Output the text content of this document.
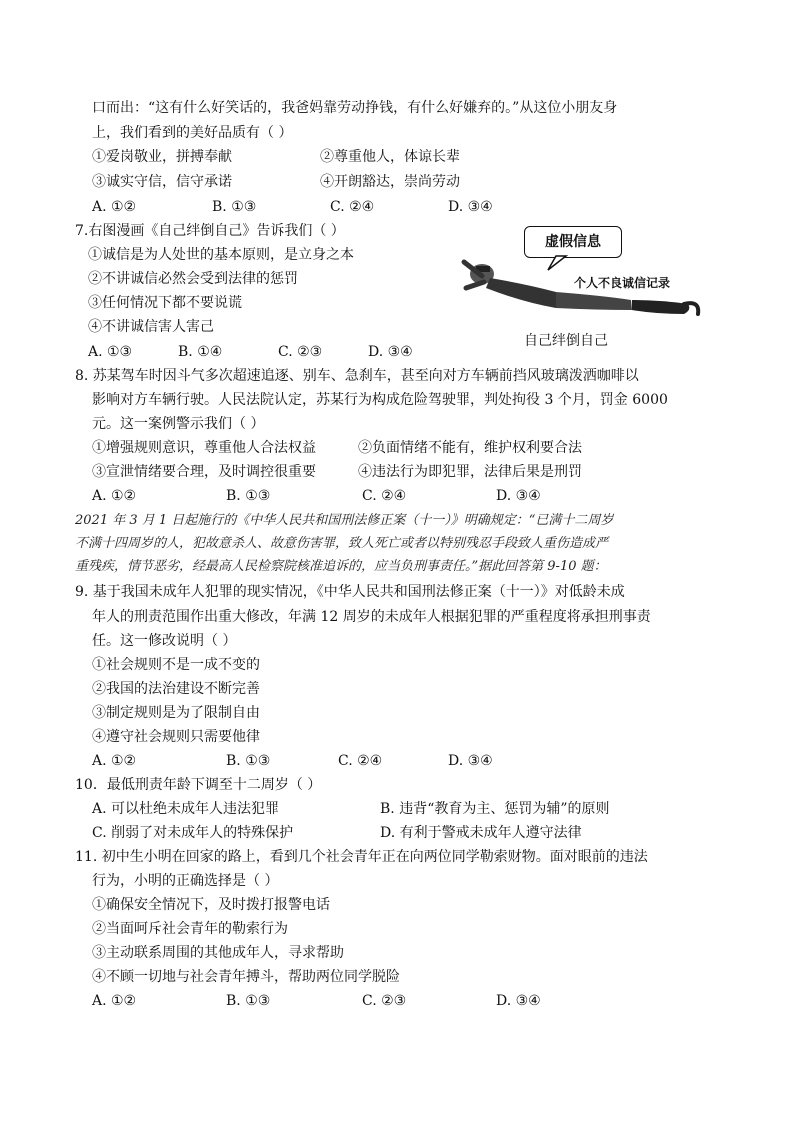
口而出：“这有什么好笑话的，我爸妈靠劳动挣钱，有什么好嫌弃的。”从这位小朋友身
上，我们看到的美好品质有（ ）
①爱岗敬业，拼搏奉献	②尊重他人，体谅长辈
③诚实守信，信守承诺	④开朗豁达，崇尚劳动
A. ①②	B. ①③	C. ②④	D. ③④
7.右图漫画《自己绊倒自己》告诉我们（ ）
①诚信是为人处世的基本原则，是立身之本
②不讲诚信必然会受到法律的惩罚
③任何情况下都不要说谎
④不讲诚信害人害己
A. ①③	B. ①④	C. ②③	D. ③④
虚假信息
个人不良诚信记录
自己绊倒自己
8. 苏某驾车时因斗气多次超速追逐、别车、急刹车，甚至向对方车辆前挡风玻璃泼洒咖啡以
影响对方车辆行驶。人民法院认定，苏某行为构成危险驾驶罪，判处拘役 3 个月，罚金 6000
元。这一案例警示我们（ ）
①增强规则意识，尊重他人合法权益	②负面情绪不能有，维护权利要合法
③宣泄情绪要合理，及时调控很重要	④违法行为即犯罪，法律后果是刑罚
A. ①②	B. ①③	C. ②④	D. ③④
2021 年 3 月 1 日起施行的《中华人民共和国刑法修正案（十一）》明确规定：“已满十二周岁
不满十四周岁的人，犯故意杀人、故意伤害罪，致人死亡或者以特别残忍手段致人重伤造成严
重残疾，情节恶劣，经最高人民检察院核准追诉的，应当负刑事责任。”据此回答第 9-10 题：
9. 基于我国未成年人犯罪的现实情况，《中华人民共和国刑法修正案（十一）》对低龄未成
年人的刑责范围作出重大修改，年满 12 周岁的未成年人根据犯罪的严重程度将承担刑事责
任。这一修改说明（ ）
①社会规则不是一成不变的
②我国的法治建设不断完善
③制定规则是为了限制自由
④遵守社会规则只需要他律
A. ①②	B. ①③	C. ②④	D. ③④
10．最低刑责年龄下调至十二周岁（ ）
A. 可以杜绝未成年人违法犯罪	B. 违背“教育为主、惩罚为辅”的原则
C. 削弱了对未成年人的特殊保护	D. 有利于警戒未成年人遵守法律
11. 初中生小明在回家的路上，看到几个社会青年正在向两位同学勒索财物。面对眼前的违法
行为，小明的正确选择是（ ）
①确保安全情况下，及时拨打报警电话
②当面呵斥社会青年的勒索行为
③主动联系周围的其他成年人，寻求帮助
④不顾一切地与社会青年搏斗，帮助两位同学脱险
A. ①②	B. ①③	C. ②③	D. ③④
